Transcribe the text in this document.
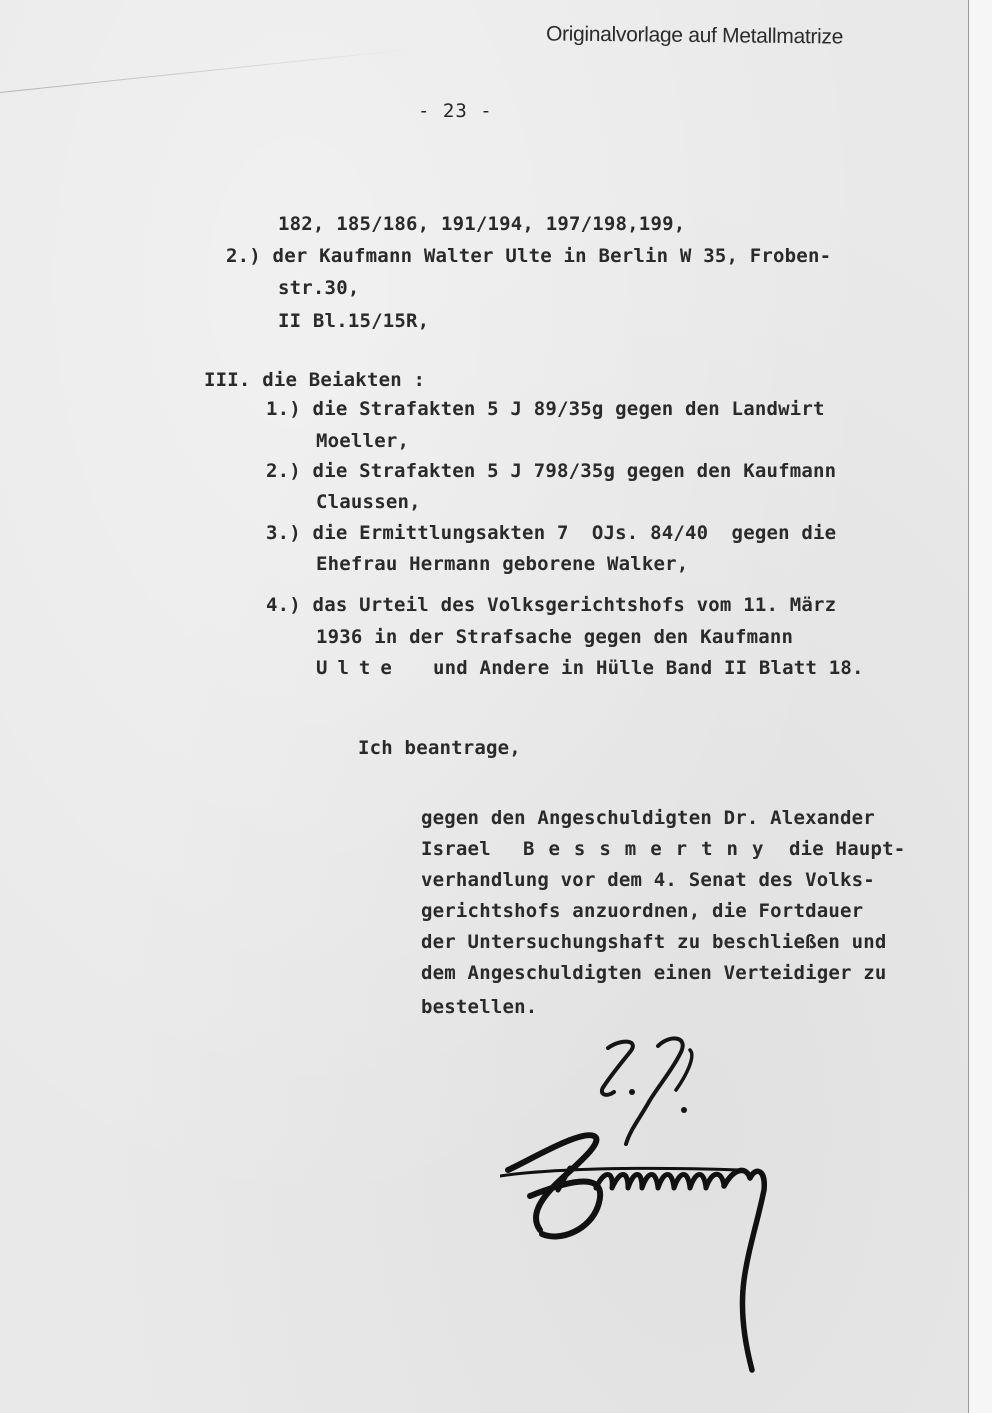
Originalvorlage auf Metallmatrize
- 23 -
182, 185/186, 191/194, 197/198,199,
2.) der Kaufmann Walter Ulte in Berlin W 35, Froben-
str.30,
II Bl.15/15R,
III. die Beiakten :
1.) die Strafakten 5 J 89/35g gegen den Landwirt
Moeller,
2.) die Strafakten 5 J 798/35g gegen den Kaufmann
Claussen,
3.) die Ermittlungsakten 7  OJs. 84/40  gegen die
Ehefrau Hermann geborene Walker,
4.) das Urteil des Volksgerichtshofs vom 11. März
1936 in der Strafsache gegen den Kaufmann
Ulte und Andere in Hülle Band II Blatt 18.
Ich beantrage,
gegen den Angeschuldigten Dr. Alexander
Israel Bessmertny die Haupt-
verhandlung vor dem 4. Senat des Volks-
gerichtshofs anzuordnen, die Fortdauer
der Untersuchungshaft zu beschließen und
dem Angeschuldigten einen Verteidiger zu
bestellen.
